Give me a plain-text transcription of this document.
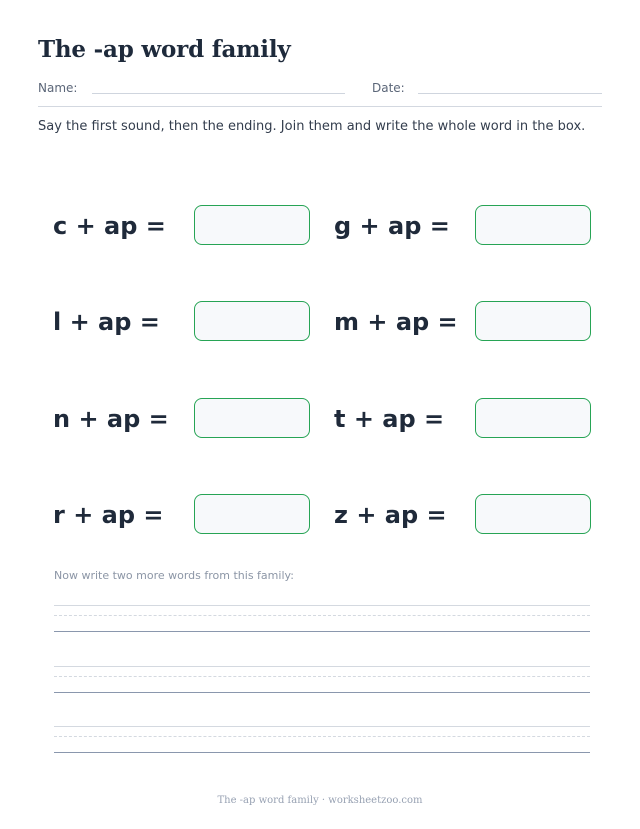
The -ap word family
Name:	Date:
Say the first sound, then the ending. Join them and write the whole word in the box.
c + ap =	g + ap =
l + ap =	m + ap =
n + ap =	t + ap =
r + ap =	z + ap =
Now write two more words from this family:
The -ap word family · worksheetzoo.com
